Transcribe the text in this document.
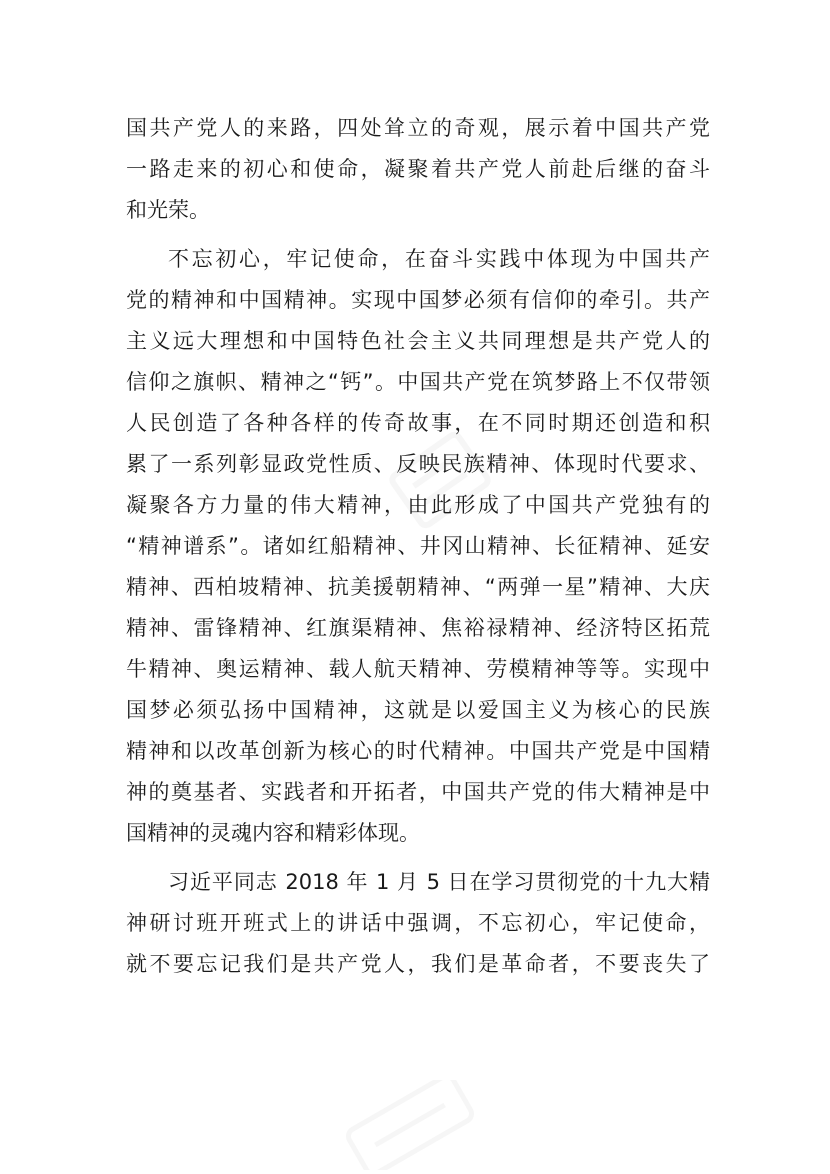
国共产党人的来路，四处耸立的奇观，展示着中国共产党
一路走来的初心和使命，凝聚着共产党人前赴后继的奋斗
和光荣。
不忘初心，牢记使命，在奋斗实践中体现为中国共产
党的精神和中国精神。实现中国梦必须有信仰的牵引。共产
主义远大理想和中国特色社会主义共同理想是共产党人的
信仰之旗帜、精神之“钙”。中国共产党在筑梦路上不仅带领
人民创造了各种各样的传奇故事，在不同时期还创造和积
累了一系列彰显政党性质、反映民族精神、体现时代要求、
凝聚各方力量的伟大精神，由此形成了中国共产党独有的
“精神谱系”。诸如红船精神、井冈山精神、长征精神、延安
精神、西柏坡精神、抗美援朝精神、“两弹一星”精神、大庆
精神、雷锋精神、红旗渠精神、焦裕禄精神、经济特区拓荒
牛精神、奥运精神、载人航天精神、劳模精神等等。实现中
国梦必须弘扬中国精神，这就是以爱国主义为核心的民族
精神和以改革创新为核心的时代精神。中国共产党是中国精
神的奠基者、实践者和开拓者，中国共产党的伟大精神是中
国精神的灵魂内容和精彩体现。
习近平同志 2018 年 1 月 5 日在学习贯彻党的十九大精
神研讨班开班式上的讲话中强调，不忘初心，牢记使命，
就不要忘记我们是共产党人，我们是革命者，不要丧失了
